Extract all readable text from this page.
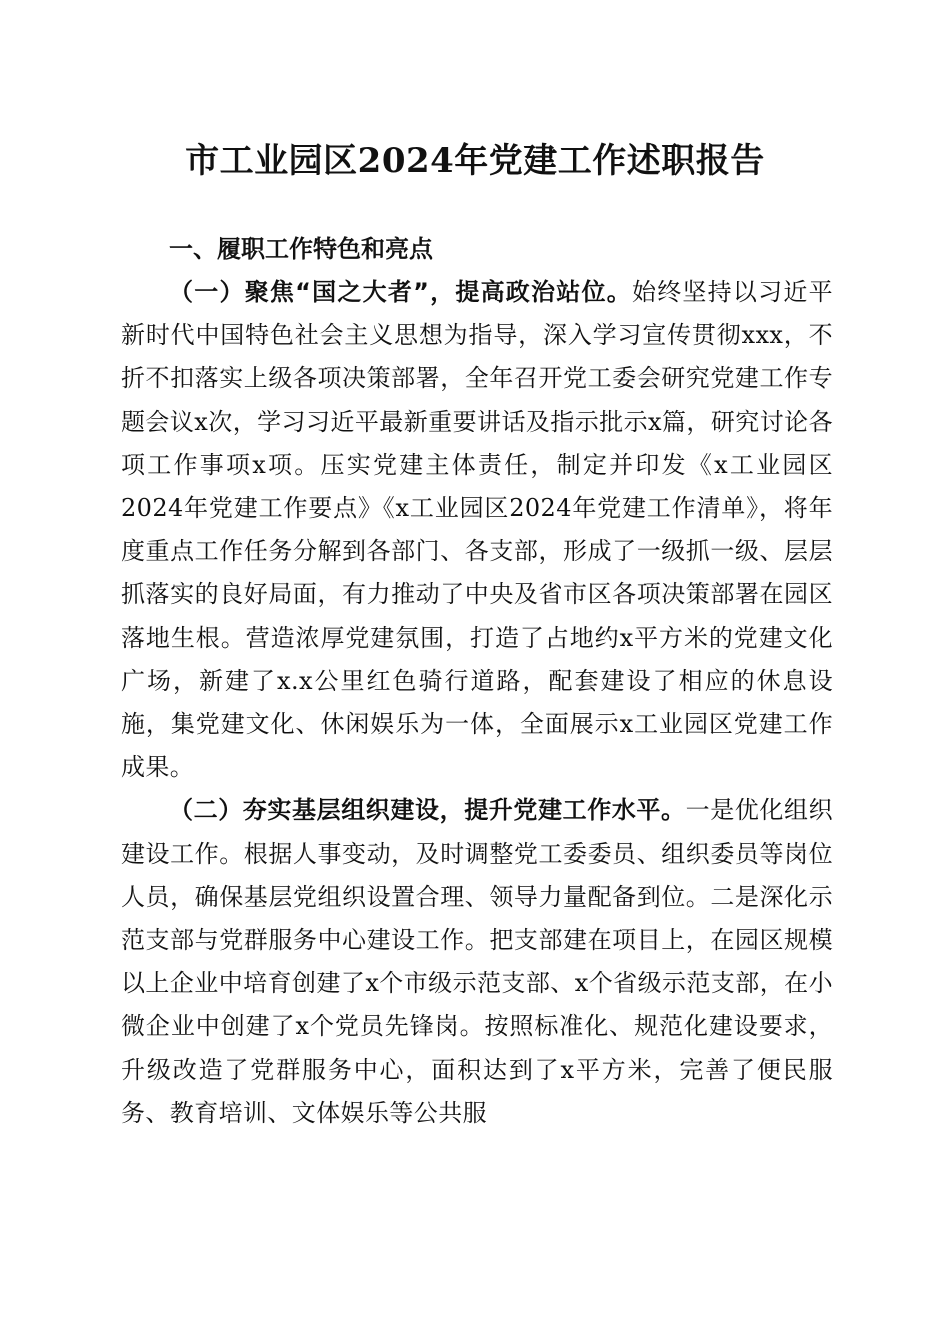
市工业园区2024年党建工作述职报告

一、履职工作特色和亮点

（一）聚焦“国之大者”，提高政治站位。始终坚持以习近平新时代中国特色社会主义思想为指导，深入学习宣传贯彻xxx，不折不扣落实上级各项决策部署，全年召开党工委会研究党建工作专题会议x次，学习习近平最新重要讲话及指示批示x篇，研究讨论各项工作事项x项。压实党建主体责任，制定并印发《x工业园区2024年党建工作要点》《x工业园区2024年党建工作清单》，将年度重点工作任务分解到各部门、各支部，形成了一级抓一级、层层抓落实的良好局面，有力推动了中央及省市区各项决策部署在园区落地生根。营造浓厚党建氛围，打造了占地约x平方米的党建文化广场，新建了x.x公里红色骑行道路，配套建设了相应的休息设施，集党建文化、休闲娱乐为一体，全面展示x工业园区党建工作成果。

（二）夯实基层组织建设，提升党建工作水平。一是优化组织建设工作。根据人事变动，及时调整党工委委员、组织委员等岗位人员，确保基层党组织设置合理、领导力量配备到位。二是深化示范支部与党群服务中心建设工作。把支部建在项目上，在园区规模以上企业中培育创建了x个市级示范支部、x个省级示范支部，在小微企业中创建了x个党员先锋岗。按照标准化、规范化建设要求，升级改造了党群服务中心，面积达到了x平方米，完善了便民服务、教育培训、文体娱乐等公共服
